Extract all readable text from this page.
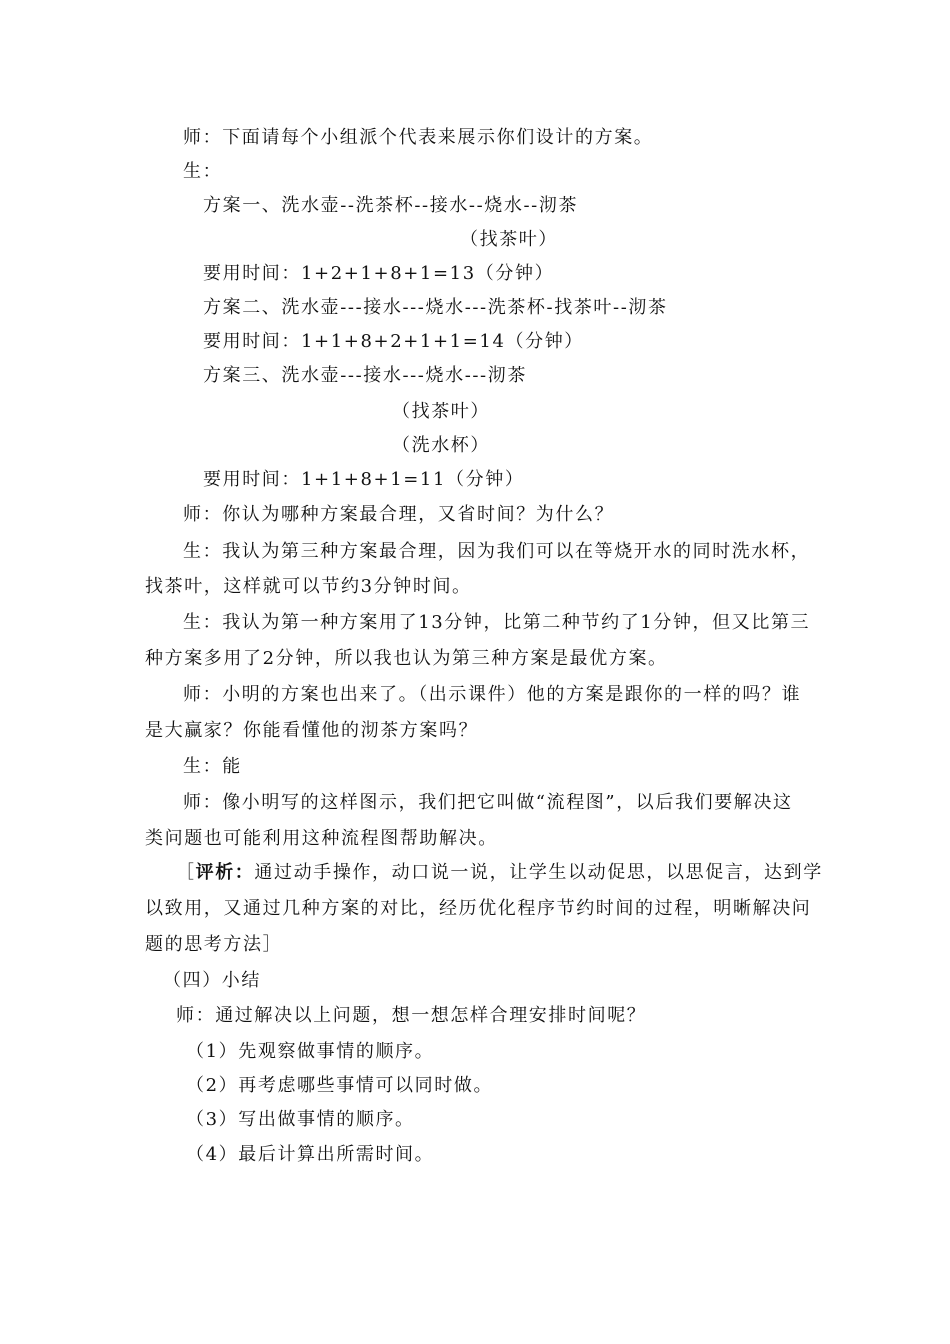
师：下面请每个小组派个代表来展示你们设计的方案。
生：
方案一、洗水壶--洗茶杯--接水--烧水--沏茶
（找茶叶）
要用时间：1+2+1+8+1=13（分钟）
方案二、洗水壶---接水---烧水---洗茶杯-找茶叶--沏茶
要用时间：1+1+8+2+1+1=14（分钟）
方案三、洗水壶---接水---烧水---沏茶
（找茶叶）
（洗水杯）
要用时间：1+1+8+1=11（分钟）
师：你认为哪种方案最合理，又省时间？为什么？
生：我认为第三种方案最合理，因为我们可以在等烧开水的同时洗水杯，
找茶叶，这样就可以节约3分钟时间。
生：我认为第一种方案用了13分钟，比第二种节约了1分钟，但又比第三
种方案多用了2分钟，所以我也认为第三种方案是最优方案。
师：小明的方案也出来了。（出示课件）他的方案是跟你的一样的吗？谁
是大赢家？你能看懂他的沏茶方案吗？
生：能
师：像小明写的这样图示，我们把它叫做“流程图”，以后我们要解决这
类问题也可能利用这种流程图帮助解决。
［评析：通过动手操作，动口说一说，让学生以动促思，以思促言，达到学
以致用，又通过几种方案的对比，经历优化程序节约时间的过程，明晰解决问
题的思考方法］
（四）小结
师：通过解决以上问题，想一想怎样合理安排时间呢？
（1）先观察做事情的顺序。
（2）再考虑哪些事情可以同时做。
（3）写出做事情的顺序。
（4）最后计算出所需时间。
